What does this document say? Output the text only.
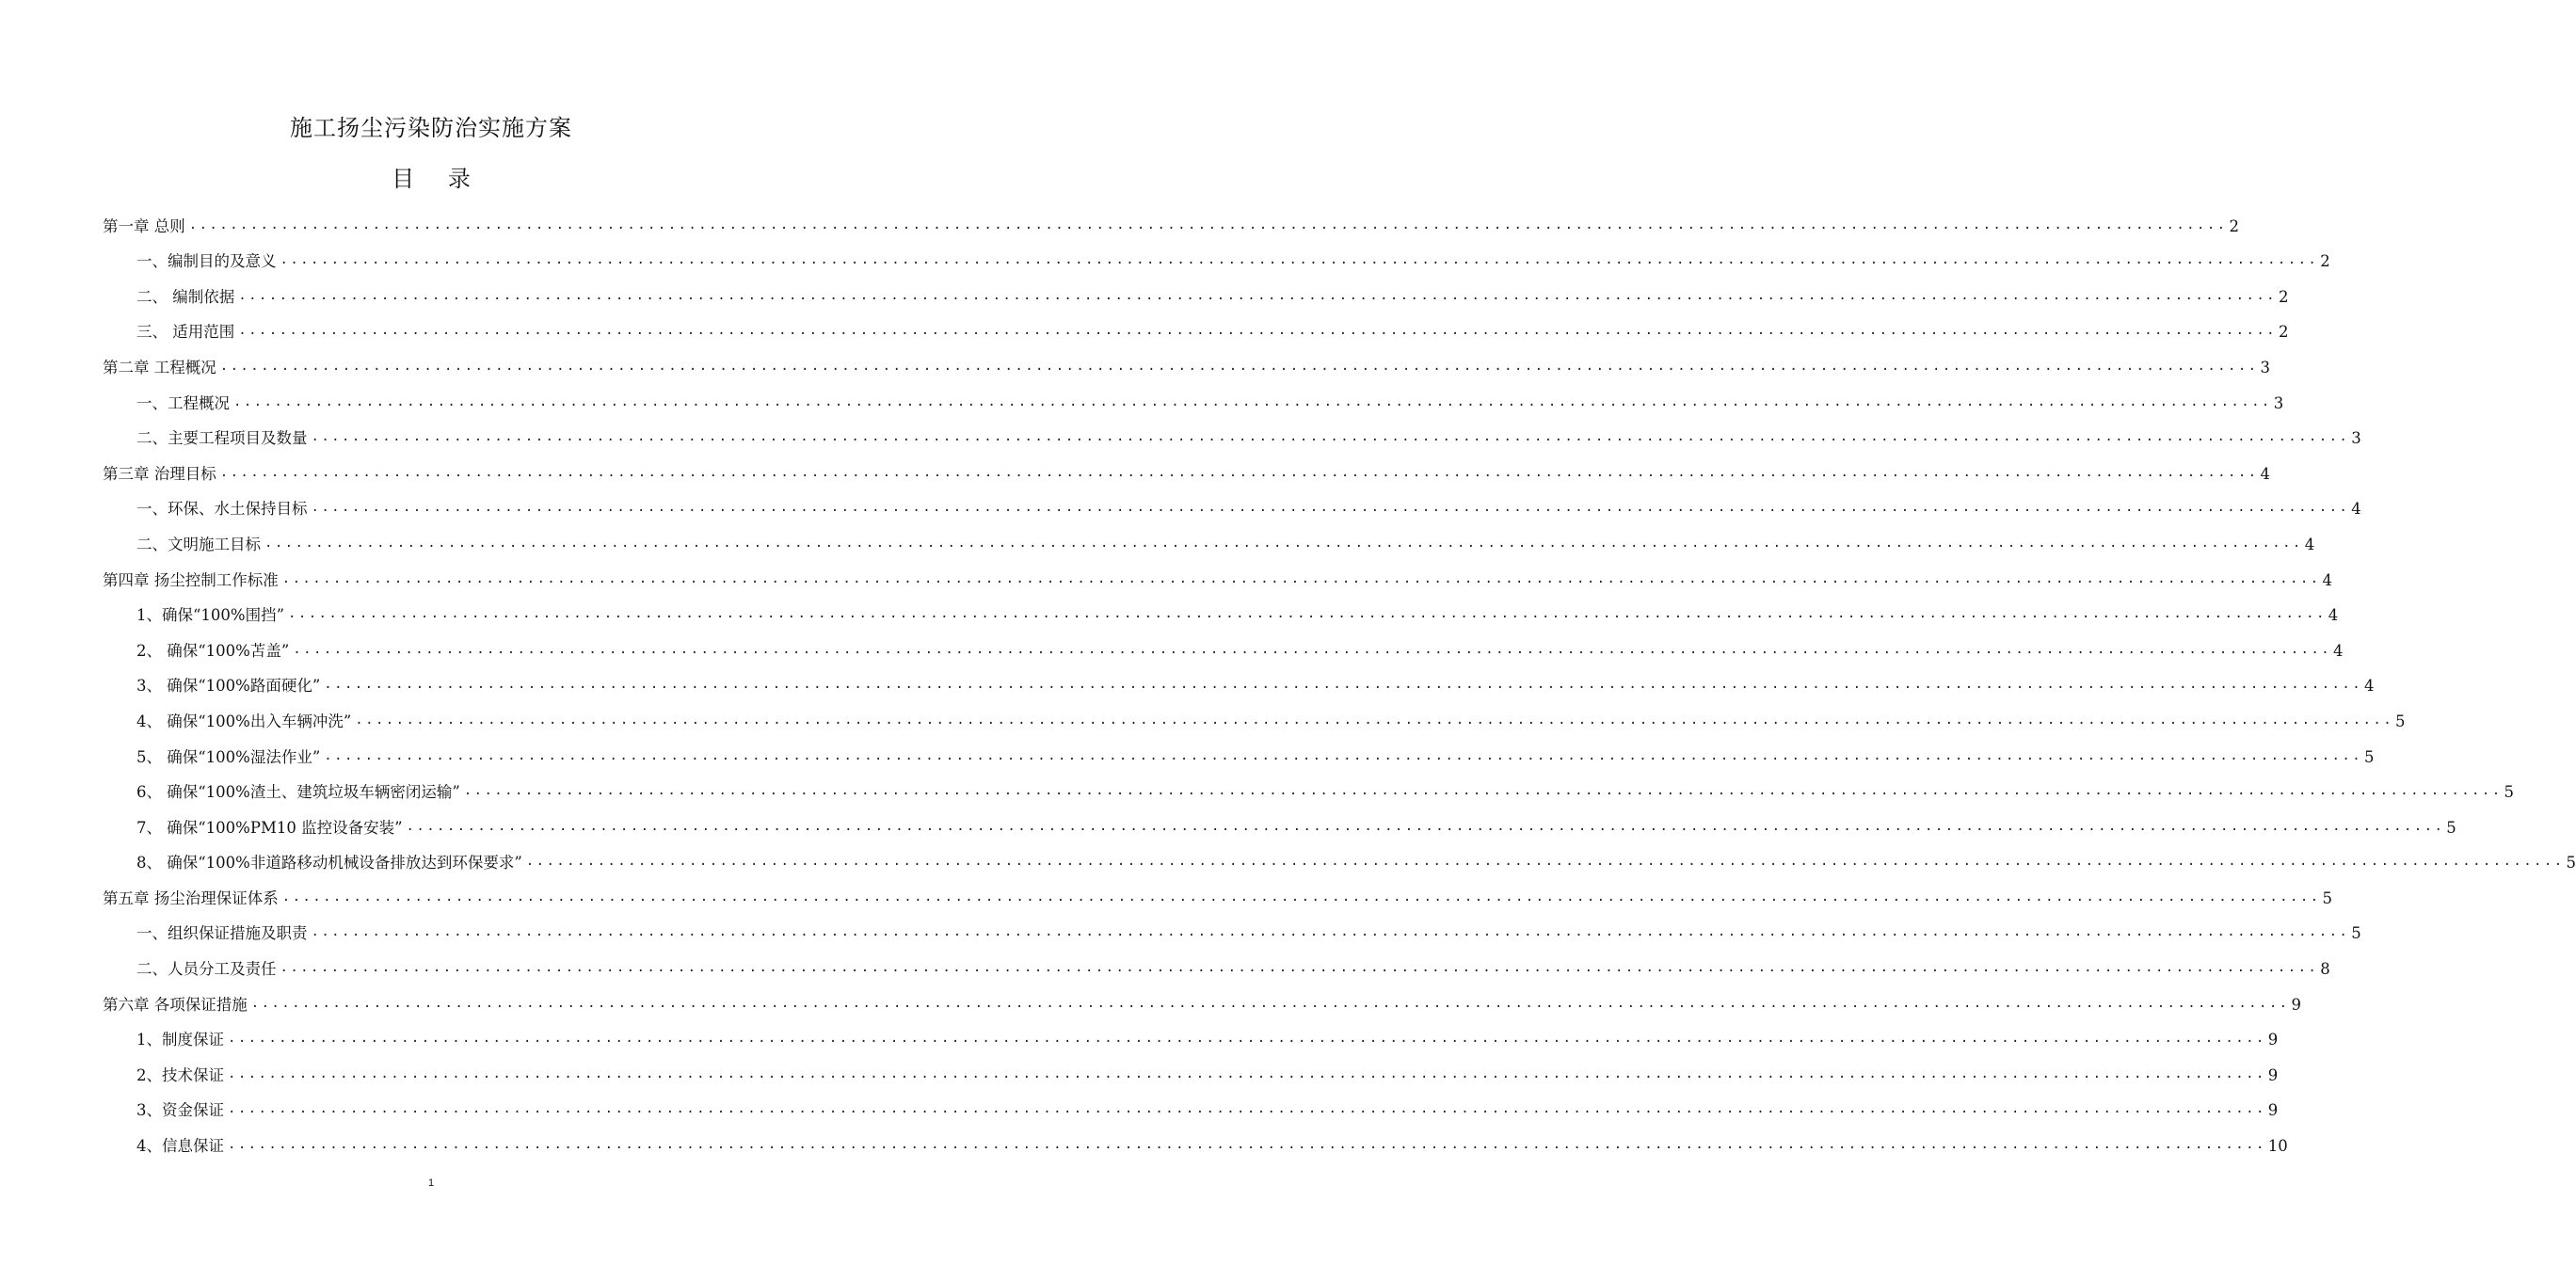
施工扬尘污染防治实施方案
目 录
第一章 总则 ........................................................................................................................................................................................................ 2
一、编制目的及意义 ........................................................................................................................................................................................................ 2
二、 编制依据 ........................................................................................................................................................................................................ 2
三、 适用范围 ........................................................................................................................................................................................................ 2
第二章 工程概况 ........................................................................................................................................................................................................ 3
一、工程概况 ........................................................................................................................................................................................................ 3
二、主要工程项目及数量 ........................................................................................................................................................................................................ 3
第三章 治理目标 ........................................................................................................................................................................................................ 4
一、环保、水土保持目标 ........................................................................................................................................................................................................ 4
二、文明施工目标 ........................................................................................................................................................................................................ 4
第四章 扬尘控制工作标准 ........................................................................................................................................................................................................ 4
1、确保“100%围挡” ........................................................................................................................................................................................................ 4
2、 确保“100%苫盖” ........................................................................................................................................................................................................ 4
3、 确保“100%路面硬化” ........................................................................................................................................................................................................ 4
4、 确保“100%出入车辆冲洗” ........................................................................................................................................................................................................ 5
5、 确保“100%湿法作业” ........................................................................................................................................................................................................ 5
6、 确保“100%渣土、建筑垃圾车辆密闭运输” ........................................................................................................................................................................................................ 5
7、 确保“100%PM10 监控设备安装” ........................................................................................................................................................................................................ 5
8、 确保“100%非道路移动机械设备排放达到环保要求” ........................................................................................................................................................................................................ 5
第五章 扬尘治理保证体系 ........................................................................................................................................................................................................ 5
一、组织保证措施及职责 ........................................................................................................................................................................................................ 5
二、人员分工及责任 ........................................................................................................................................................................................................ 8
第六章 各项保证措施 ........................................................................................................................................................................................................ 9
1、制度保证 ........................................................................................................................................................................................................ 9
2、技术保证 ........................................................................................................................................................................................................ 9
3、资金保证 ........................................................................................................................................................................................................ 9
4、信息保证 ........................................................................................................................................................................................................ 10
1
